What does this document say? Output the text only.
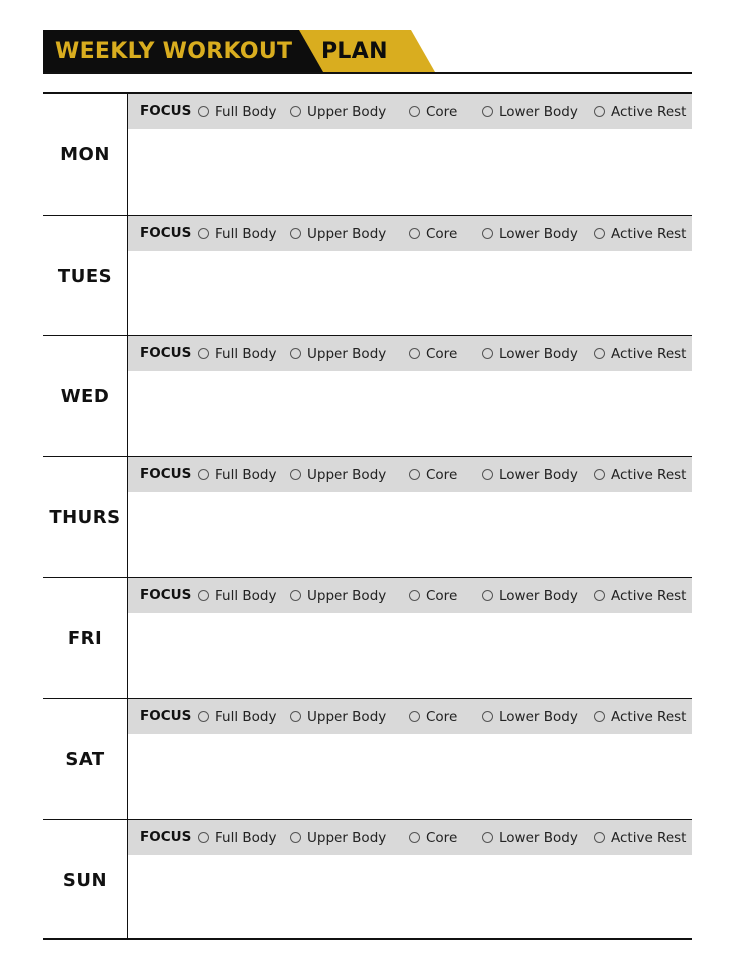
WEEKLY WORKOUT PLAN
MON
FOCUS Full Body Upper Body	Core	Lower Body Active Rest
TUES
FOCUS Full Body Upper Body	Core	Lower Body Active Rest
WED
FOCUS Full Body Upper Body	Core	Lower Body Active Rest
THURS
FOCUS Full Body Upper Body	Core	Lower Body Active Rest
FRI
FOCUS Full Body Upper Body	Core	Lower Body Active Rest
SAT
FOCUS Full Body Upper Body	Core	Lower Body Active Rest
SUN
FOCUS Full Body Upper Body	Core	Lower Body Active Rest
